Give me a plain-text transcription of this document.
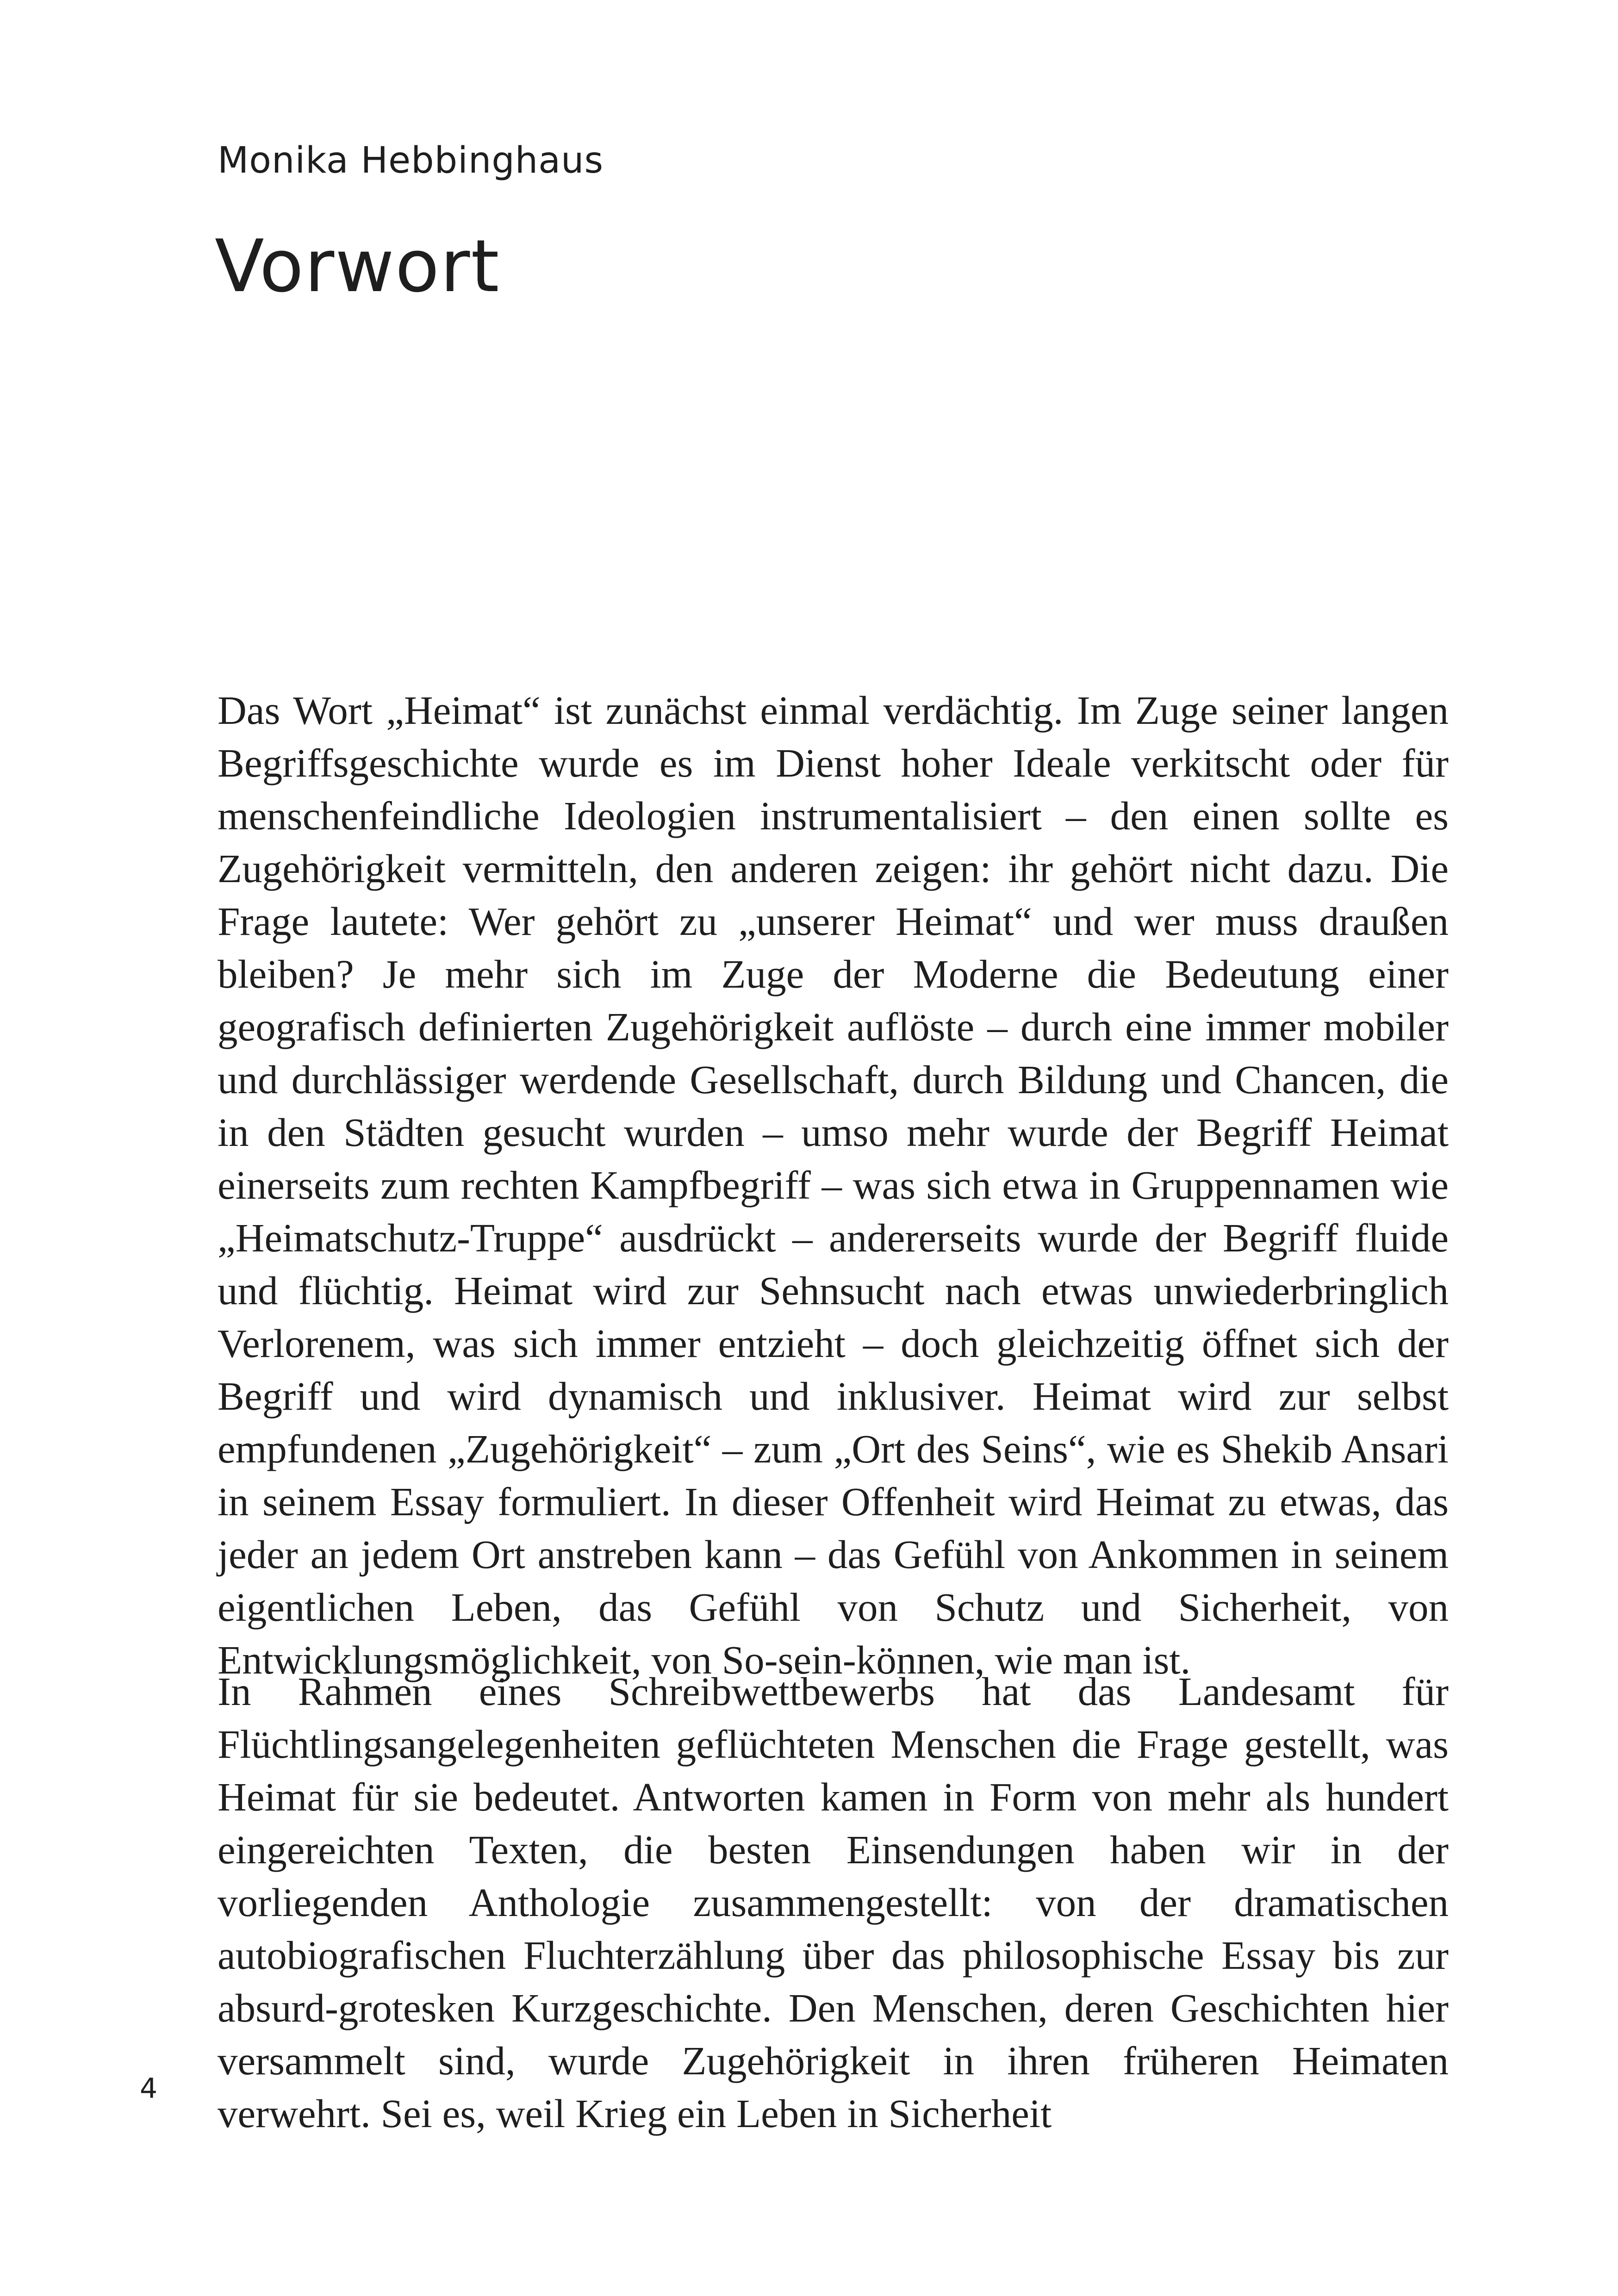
Monika Hebbinghaus

Vorwort

Das Wort „Heimat“ ist zunächst einmal verdächtig. Im Zuge seiner langen Begriffsgeschichte wurde es im Dienst hoher Ideale verkitscht oder für menschenfeindliche Ideologien instrumentalisiert – den einen sollte es Zugehörigkeit vermitteln, den anderen zeigen: ihr gehört nicht dazu. Die Frage lautete: Wer gehört zu „unserer Heimat“ und wer muss draußen bleiben? Je mehr sich im Zuge der Moderne die Bedeutung einer geografisch definierten Zugehörigkeit auflöste – durch eine immer mobiler und durchlässiger werdende Gesellschaft, durch Bildung und Chancen, die in den Städten gesucht wurden – umso mehr wurde der Begriff Heimat einerseits zum rechten Kampfbegriff – was sich etwa in Gruppennamen wie „Heimatschutz-Truppe“ ausdrückt – andererseits wurde der Begriff fluide und flüchtig. Heimat wird zur Sehnsucht nach etwas unwiederbringlich Verlorenem, was sich immer entzieht – doch gleichzeitig öffnet sich der Begriff und wird dynamisch und inklusiver. Heimat wird zur selbst empfundenen „Zugehörigkeit“ – zum „Ort des Seins“, wie es Shekib Ansari in seinem Essay formuliert. In dieser Offenheit wird Heimat zu etwas, das jeder an jedem Ort anstreben kann – das Gefühl von Ankommen in seinem eigentlichen Leben, das Gefühl von Schutz und Sicherheit, von Entwicklungsmöglichkeit, von So-sein-können, wie man ist.

In Rahmen eines Schreibwettbewerbs hat das Landesamt für Flüchtlingsangelegenheiten geflüchteten Menschen die Frage gestellt, was Heimat für sie bedeutet. Antworten kamen in Form von mehr als hundert eingereichten Texten, die besten Einsendungen haben wir in der vorliegenden Anthologie zusammengestellt: von der dramatischen autobiografischen Fluchterzählung über das philosophische Essay bis zur absurd-grotesken Kurzgeschichte. Den Menschen, deren Geschichten hier versammelt sind, wurde Zugehörigkeit in ihren früheren Heimaten verwehrt. Sei es, weil Krieg ein Leben in Sicherheit

4
